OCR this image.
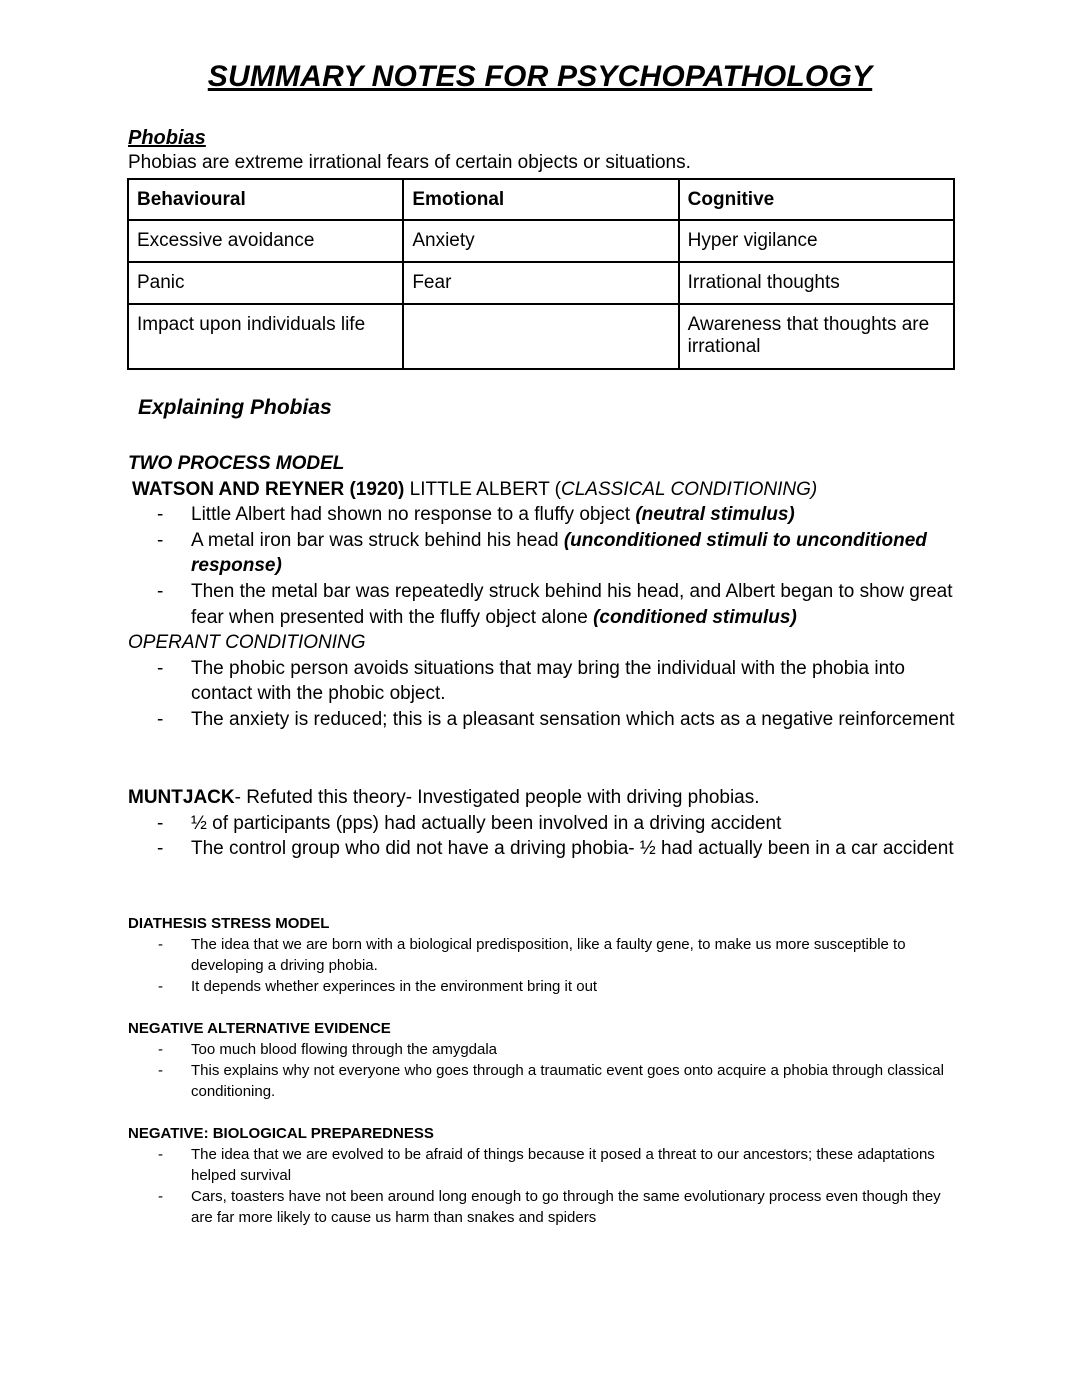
SUMMARY NOTES FOR PSYCHOPATHOLOGY
Phobias
Phobias are extreme irrational fears of certain objects or situations.
Behavioural	Emotional	Cognitive
Excessive avoidance	Anxiety	Hyper vigilance
Panic	Fear	Irrational thoughts
Impact upon individuals life		Awareness that thoughts are irrational
Explaining Phobias
TWO PROCESS MODEL
WATSON AND REYNER (1920) LITTLE ALBERT (CLASSICAL CONDITIONING)
- Little Albert had shown no response to a fluffy object (neutral stimulus)
- A metal iron bar was struck behind his head (unconditioned stimuli to unconditioned response)
- Then the metal bar was repeatedly struck behind his head, and Albert began to show great fear when presented with the fluffy object alone (conditioned stimulus)
OPERANT CONDITIONING
- The phobic person avoids situations that may bring the individual with the phobia into contact with the phobic object.
- The anxiety is reduced; this is a pleasant sensation which acts as a negative reinforcement
MUNTJACK- Refuted this theory- Investigated people with driving phobias.
- ½ of participants (pps) had actually been involved in a driving accident
- The control group who did not have a driving phobia- ½ had actually been in a car accident
DIATHESIS STRESS MODEL
- The idea that we are born with a biological predisposition, like a faulty gene, to make us more susceptible to developing a driving phobia.
- It depends whether experinces in the environment bring it out
NEGATIVE ALTERNATIVE EVIDENCE
- Too much blood flowing through the amygdala
- This explains why not everyone who goes through a traumatic event goes onto acquire a phobia through classical conditioning.
NEGATIVE: BIOLOGICAL PREPAREDNESS
- The idea that we are evolved to be afraid of things because it posed a threat to our ancestors; these adaptations helped survival
- Cars, toasters have not been around long enough to go through the same evolutionary process even though they are far more likely to cause us harm than snakes and spiders
